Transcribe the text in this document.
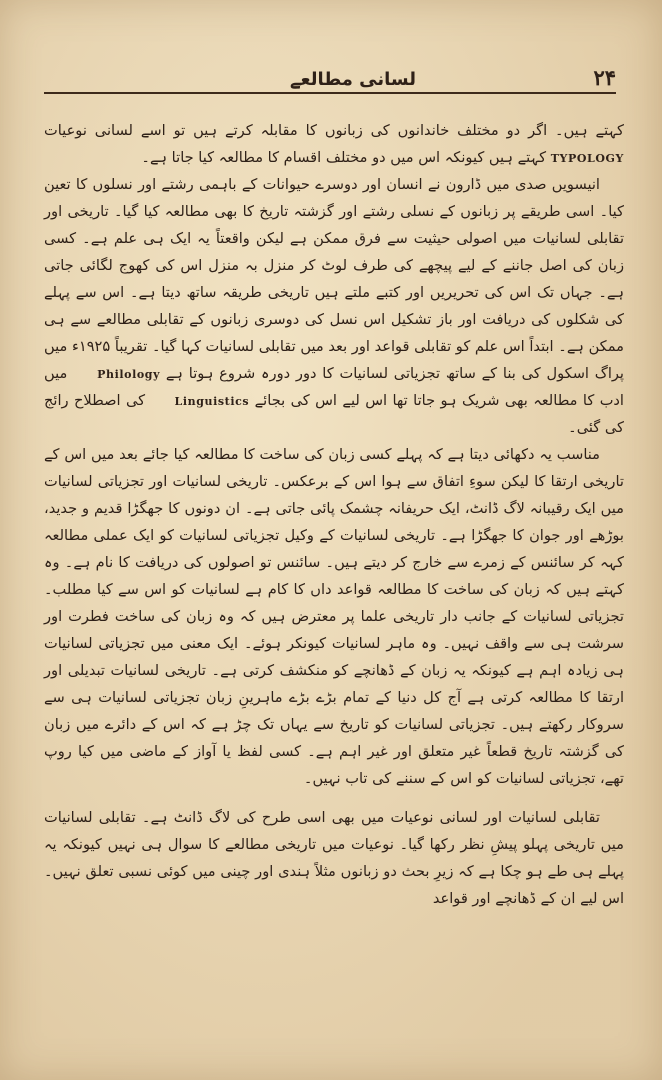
۲۴
لسانی مطالعے

کہتے ہیں۔ اگر دو مختلف خاندانوں کی زبانوں کا مقابلہ کرتے ہیں تو اسے لسانی نوعیات TYPOLOGY کہتے ہیں کیونکہ اس میں دو مختلف اقسام کا مطالعہ کیا جاتا ہے۔

انیسویں صدی میں ڈارون نے انسان اور دوسرے حیوانات کے باہمی رشتے اور نسلوں کا تعین کیا۔ اسی طریقے پر زبانوں کے نسلی رشتے اور گزشتہ تاریخ کا بھی مطالعہ کیا گیا۔ تاریخی اور تقابلی لسانیات میں اصولی حیثیت سے فرق ممکن ہے لیکن واقعتاً یہ ایک ہی علم ہے۔ کسی زبان کی اصل جاننے کے لیے پیچھے کی طرف لوٹ کر منزل بہ منزل اس کی کھوج لگائی جاتی ہے۔ جہاں تک اس کی تحریریں اور کتبے ملتے ہیں تاریخی طریقہ ساتھ دیتا ہے۔ اس سے پہلے کی شکلوں کی دریافت اور باز تشکیل اس نسل کی دوسری زبانوں کے تقابلی مطالعے سے ہی ممکن ہے۔ ابتداً اس علم کو تقابلی قواعد اور بعد میں تقابلی لسانیات کہا گیا۔ تقریباً ۱۹۲۵ء میں پراگ اسکول کی بنا کے ساتھ تجزیاتی لسانیات کا دور دورہ شروع ہوتا ہے Philology میں ادب کا مطالعہ بھی شریک ہو جاتا تھا اس لیے اس کی بجائے Linguistics کی اصطلاح رائج کی گئی۔

مناسب یہ دکھائی دیتا ہے کہ پہلے کسی زبان کی ساخت کا مطالعہ کیا جائے بعد میں اس کے تاریخی ارتقا کا لیکن سوءِ اتفاق سے ہوا اس کے برعکس۔ تاریخی لسانیات اور تجزیاتی لسانیات میں ایک رقیبانہ لاگ ڈانٹ، ایک حریفانہ چشمک پائی جاتی ہے۔ ان دونوں کا جھگڑا قدیم و جدید، بوڑھے اور جوان کا جھگڑا ہے۔ تاریخی لسانیات کے وکیل تجزیاتی لسانیات کو ایک عملی مطالعہ کہہ کر سائنس کے زمرے سے خارج کر دیتے ہیں۔ سائنس تو اصولوں کی دریافت کا نام ہے۔ وہ کہتے ہیں کہ زبان کی ساخت کا مطالعہ قواعد داں کا کام ہے لسانیات کو اس سے کیا مطلب۔ تجزیاتی لسانیات کے جانب دار تاریخی علما پر معترض ہیں کہ وہ زبان کی ساخت فطرت اور سرشت ہی سے واقف نہیں۔ وہ ماہر لسانیات کیونکر ہوئے۔ ایک معنی میں تجزیاتی لسانیات ہی زیادہ اہم ہے کیونکہ یہ زبان کے ڈھانچے کو منکشف کرتی ہے۔ تاریخی لسانیات تبدیلی اور ارتقا کا مطالعہ کرتی ہے آج کل دنیا کے تمام بڑے بڑے ماہرینِ زبان تجزیاتی لسانیات ہی سے سروکار رکھتے ہیں۔ تجزیاتی لسانیات کو تاریخ سے یہاں تک چڑ ہے کہ اس کے دائرے میں زبان کی گزشتہ تاریخ قطعاً غیر متعلق اور غیر اہم ہے۔ کسی لفظ یا آواز کے ماضی میں کیا روپ تھے، تجزیاتی لسانیات کو اس کے سننے کی تاب نہیں۔

تقابلی لسانیات اور لسانی نوعیات میں بھی اسی طرح کی لاگ ڈانٹ ہے۔ تقابلی لسانیات میں تاریخی پہلو پیشِ نظر رکھا گیا۔ نوعیات میں تاریخی مطالعے کا سوال ہی نہیں کیونکہ یہ پہلے ہی طے ہو چکا ہے کہ زیرِ بحث دو زبانوں مثلاً ہندی اور چینی میں کوئی نسبی تعلق نہیں۔ اس لیے ان کے ڈھانچے اور قواعد
